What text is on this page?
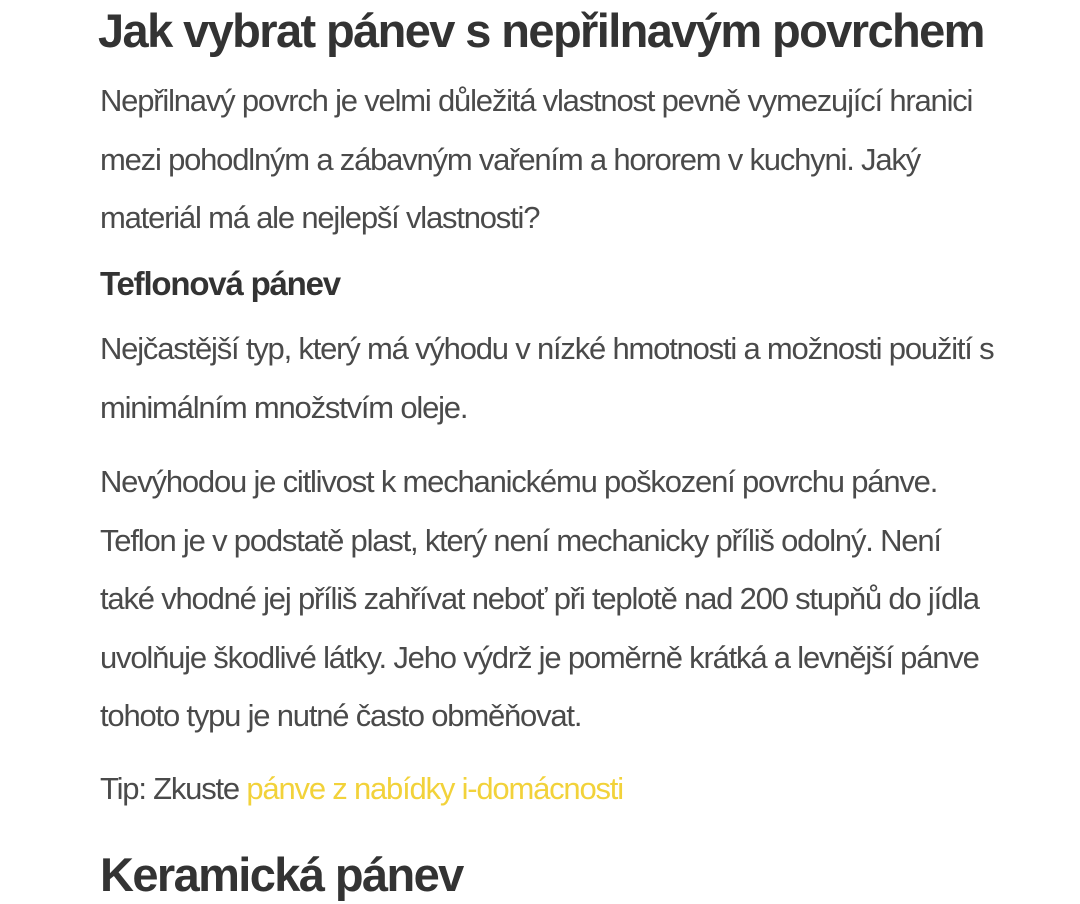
Jak vybrat pánev s nepřilnavým povrchem

Nepřilnavý povrch je velmi důležitá vlastnost pevně vymezující hranici mezi pohodlným a zábavným vařením a hororem v kuchyni. Jaký materiál má ale nejlepší vlastnosti?

Teflonová pánev

Nejčastější typ, který má výhodu v nízké hmotnosti a možnosti použití s minimálním množstvím oleje.

Nevýhodou je citlivost k mechanickému poškození povrchu pánve. Teflon je v podstatě plast, který není mechanicky příliš odolný. Není také vhodné jej příliš zahřívat neboť při teplotě nad 200 stupňů do jídla uvolňuje škodlivé látky. Jeho výdrž je poměrně krátká a levnější pánve tohoto typu je nutné často obměňovat.

Tip: Zkuste pánve z nabídky i-domácnosti

Keramická pánev
